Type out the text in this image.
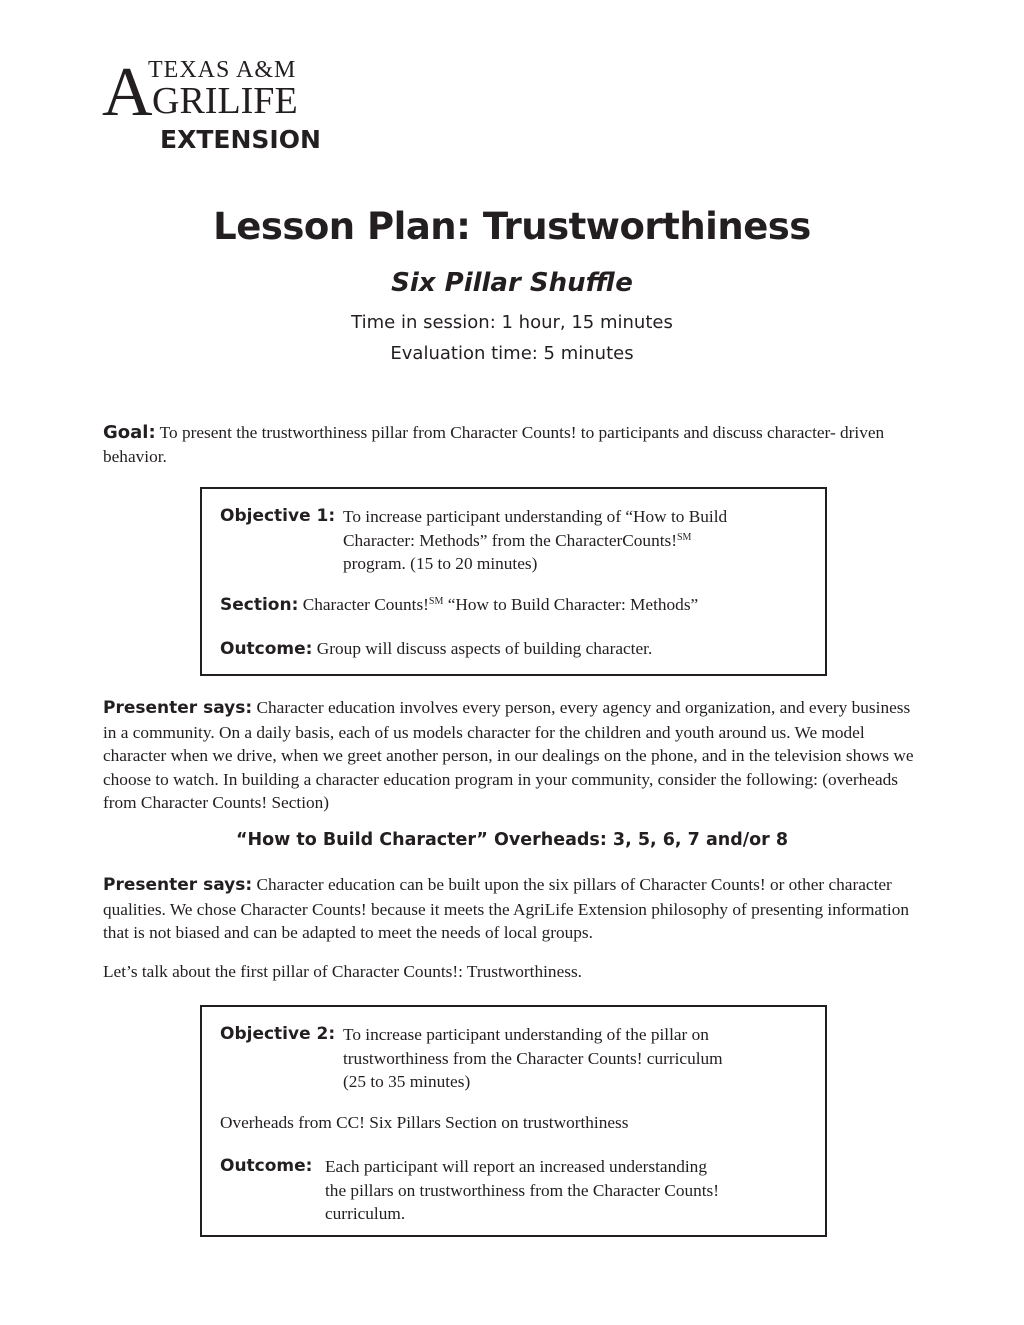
A
TEXAS A&M
GRILIFE
EXTENSION
Lesson Plan: Trustworthiness
Six Pillar Shuffle
Time in session: 1 hour, 15 minutes
Evaluation time: 5 minutes
Goal: To present the trustworthiness pillar from Character Counts! to participants and discuss character- driven behavior.
Objective 1: To increase participant understanding of “How to Build
Character: Methods” from the CharacterCounts!℠
program. (15 to 20 minutes)
Section: Character Counts!℠ “How to Build Character: Methods”
Outcome: Group will discuss aspects of building character.
Presenter says: Character education involves every person, every agency and organization, and every business in a community. On a daily basis, each of us models character for the children and youth around us. We model character when we drive, when we greet another person, in our dealings on the phone, and in the television shows we choose to watch. In building a character education program in your community, consider the following: (overheads from Character Counts! Section)
“How to Build Character” Overheads: 3, 5, 6, 7 and/or 8
Presenter says: Character education can be built upon the six pillars of Character Counts! or other character qualities. We chose Character Counts! because it meets the AgriLife Extension philosophy of presenting information that is not biased and can be adapted to meet the needs of local groups.
Let’s talk about the first pillar of Character Counts!: Trustworthiness.
Objective 2: To increase participant understanding of the pillar on
trustworthiness from the Character Counts! curriculum
(25 to 35 minutes)
Overheads from CC! Six Pillars Section on trustworthiness
Outcome: Each participant will report an increased understanding
the pillars on trustworthiness from the Character Counts!
curriculum.
